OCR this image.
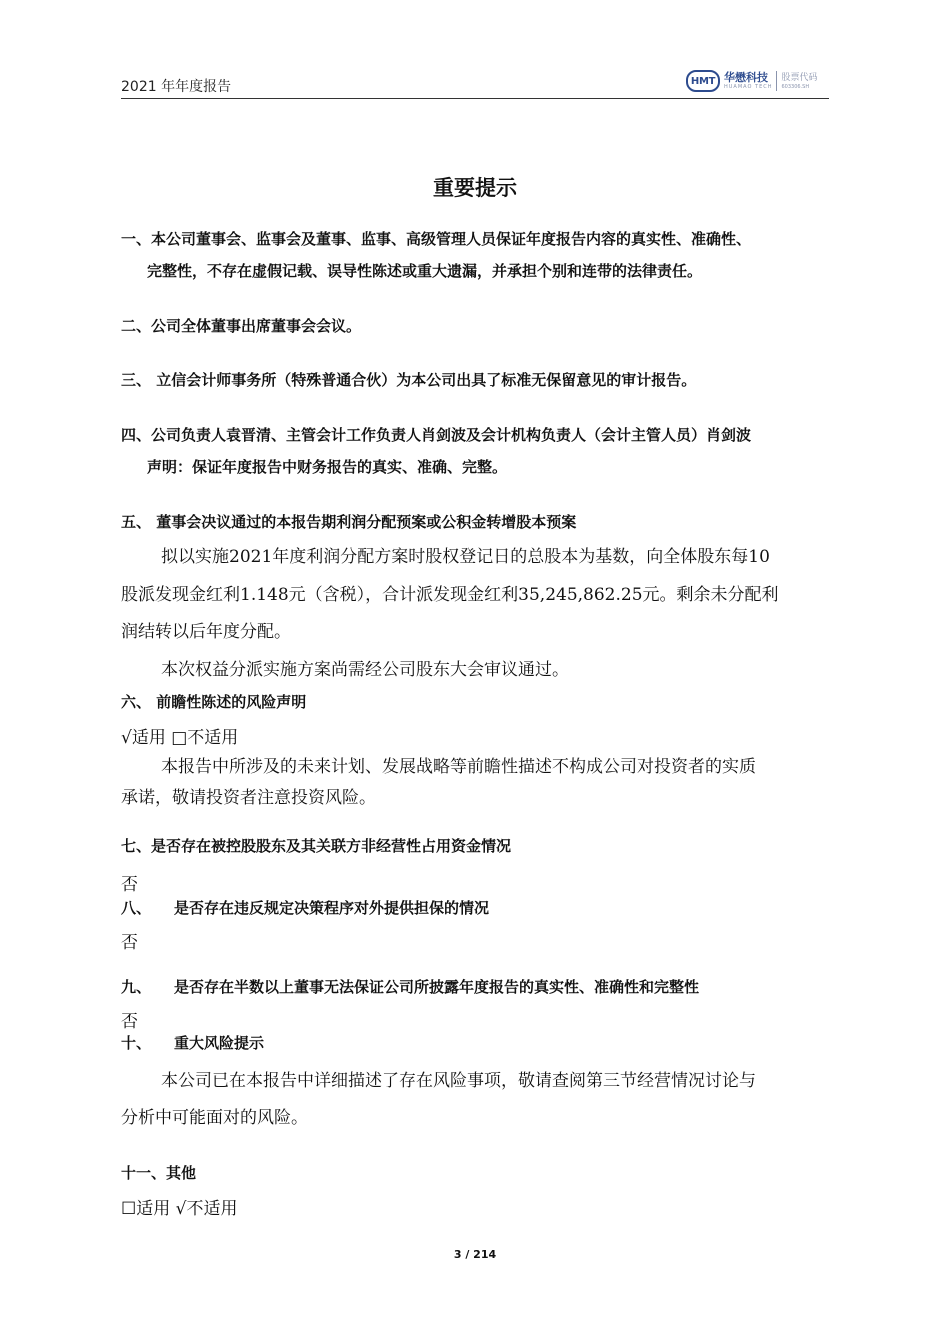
2021 年年度报告	HMT 华懋科技
HUAMAO TECH
股票代码
603306.SH
重要提示
一、本公司董事会、监事会及董事、监事、高级管理人员保证年度报告内容的真实性、准确性、
完整性，不存在虚假记载、误导性陈述或重大遗漏，并承担个别和连带的法律责任。
二、公司全体董事出席董事会会议。
三、 立信会计师事务所（特殊普通合伙）为本公司出具了标准无保留意见的审计报告。
四、公司负责人袁晋清、主管会计工作负责人肖剑波及会计机构负责人（会计主管人员）肖剑波
声明：保证年度报告中财务报告的真实、准确、完整。
五、 董事会决议通过的本报告期利润分配预案或公积金转增股本预案
拟以实施2021年度利润分配方案时股权登记日的总股本为基数，向全体股东每10
股派发现金红利1.148元（含税），合计派发现金红利35,245,862.25元。剩余未分配利
润结转以后年度分配。
本次权益分派实施方案尚需经公司股东大会审议通过。
六、 前瞻性陈述的风险声明
√适用 □不适用
本报告中所涉及的未来计划、发展战略等前瞻性描述不构成公司对投资者的实质
承诺，敬请投资者注意投资风险。
七、是否存在被控股股东及其关联方非经营性占用资金情况
否
八、 是否存在违反规定决策程序对外提供担保的情况
否
九、 是否存在半数以上董事无法保证公司所披露年度报告的真实性、准确性和完整性
否
十、 重大风险提示
本公司已在本报告中详细描述了存在风险事项，敬请查阅第三节经营情况讨论与
分析中可能面对的风险。
十一、其他
☐适用 √不适用
3 / 214
